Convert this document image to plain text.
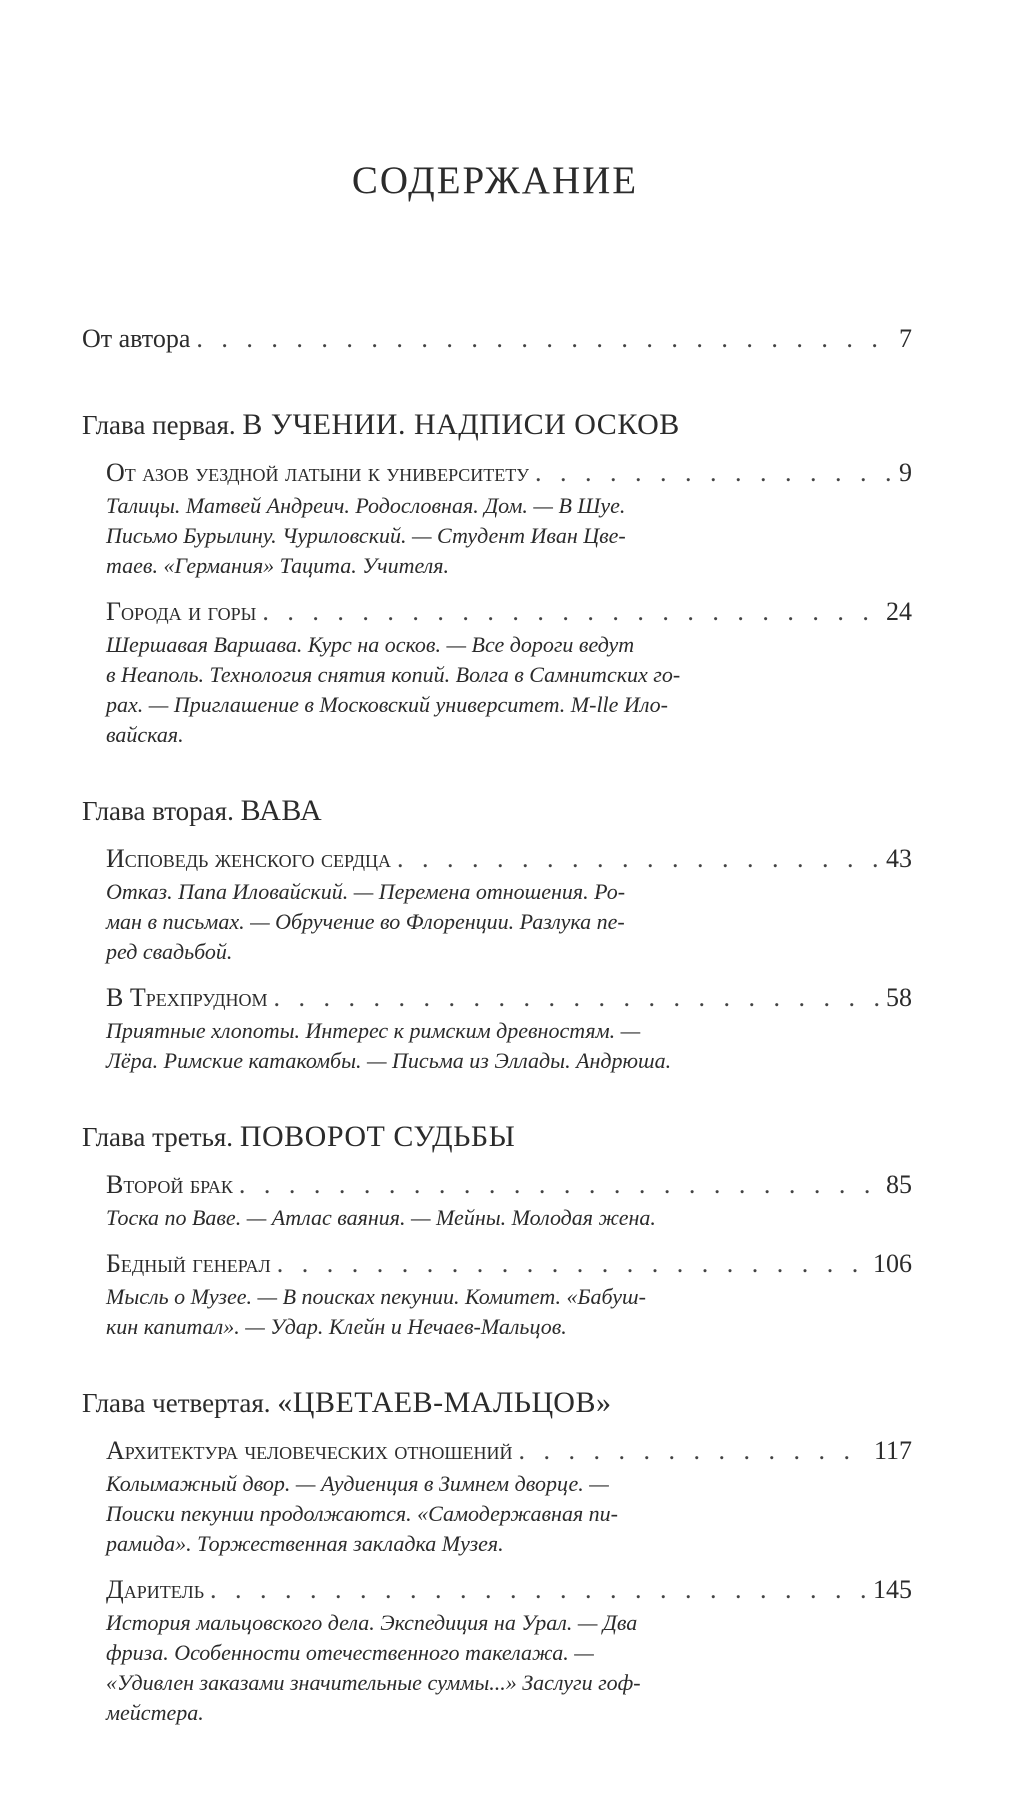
СОДЕРЖАНИЕ
От автора . . .	7
Глава первая. В УЧЕНИИ. НАДПИСИ ОСКОВ
От азов уездной латыни к университету . . .	9
Талицы. Матвей Андреич. Родословная. Дом. — В Шуе.
Письмо Бурылину. Чуриловский. — Студент Иван Цве-
таев. «Германия» Тацита. Учителя.
Города и горы . . .	24
Шершавая Варшава. Курс на осков. — Все дороги ведут
в Неаполь. Технология снятия копий. Волга в Самнитских го-
рах. — Приглашение в Московский университет. M-lle Ило-
вайская.
Глава вторая. ВАВА
Исповедь женского сердца . . .	43
Отказ. Папа Иловайский. — Перемена отношения. Ро-
ман в письмах. — Обручение во Флоренции. Разлука пе-
ред свадьбой.
В Трехпрудном . . .	58
Приятные хлопоты. Интерес к римским древностям. —
Лёра. Римские катакомбы. — Письма из Эллады. Андрюша.
Глава третья. ПОВОРОТ СУДЬБЫ
Второй брак . . .	85
Тоска по Ваве. — Атлас ваяния. — Мейны. Молодая жена.
Бедный генерал . . .	106
Мысль о Музее. — В поисках пекунии. Комитет. «Бабуш-
кин капитал». — Удар. Клейн и Нечаев-Мальцов.
Глава четвертая. «ЦВЕТАЕВ-МАЛЬЦОВ»
Архитектура человеческих отношений . . .	117
Колымажный двор. — Аудиенция в Зимнем дворце. —
Поиски пекунии продолжаются. «Самодержавная пи-
рамида». Торжественная закладка Музея.
Даритель . . .	145
История мальцовского дела. Экспедиция на Урал. — Два
фриза. Особенности отечественного такелажа. —
«Удивлен заказами значительные суммы...» Заслуги гоф-
мейстера.
